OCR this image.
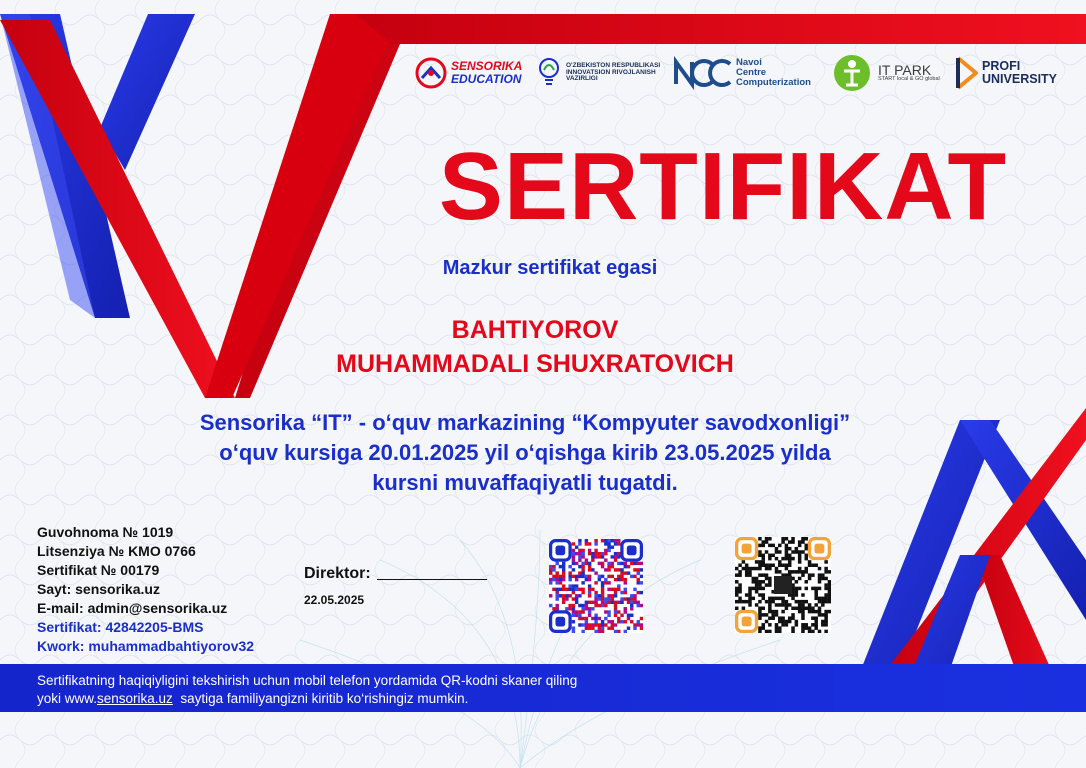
SENSORIKA
EDUCATION
O'ZBEKISTON RESPUBLIKASI
INNOVATSION RIVOJLANISH
VAZIRLIGI
Navoi
Centre
Computerization
IT PARK
START local & GO global
PROFI
UNIVERSITY
SERTIFIKAT
Mazkur sertifikat egasi
BAHTIYOROV
MUHAMMADALI SHUXRATOVICH
Sensorika “IT” - o‘quv markazining “Kompyuter savodxonligi”
o‘quv kursiga 20.01.2025 yil o‘qishga kirib 23.05.2025 yilda
kursni muvaffaqiyatli tugatdi.
Guvohnoma № 1019
Litsenziya № KMO 0766
Sertifikat № 00179
Sayt: sensorika.uz
E-mail: admin@sensorika.uz
Sertifikat: 42842205-BMS
Kwork: muhammadbahtiyorov32
Direktor:
22.05.2025
Sertifikatning haqiqiyligini tekshirish uchun mobil telefon yordamida QR-kodni skaner qiling
yoki www.sensorika.uz  saytiga familiyangizni kiritib ko‘rishingiz mumkin.
